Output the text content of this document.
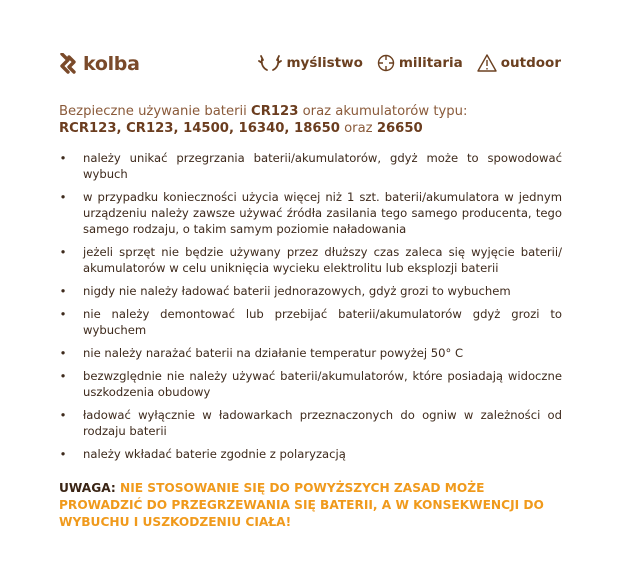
kolba	myślistwo	militaria	outdoor
Bezpieczne używanie baterii CR123 oraz akumulatorów typu:
RCR123, CR123, 14500, 16340, 18650 oraz 26650
• należy unikać przegrzania baterii/akumulatorów, gdyż może to spowodować wybuch
• w przypadku konieczności użycia więcej niż 1 szt. baterii/akumulatora w jednym urządzeniu należy zawsze używać źródła zasilania tego samego producenta, tego samego rodzaju, o takim samym poziomie naładowania
• jeżeli sprzęt nie będzie używany przez dłuższy czas zaleca się wyjęcie baterii/ akumulatorów w celu uniknięcia wycieku elektrolitu lub eksplozji baterii
• nigdy nie należy ładować baterii jednorazowych, gdyż grozi to wybuchem
• nie należy demontować lub przebijać baterii/akumulatorów gdyż grozi to wybuchem
• nie należy narażać baterii na działanie temperatur powyżej 50° C
• bezwzględnie nie należy używać baterii/akumulatorów, które posiadają widoczne uszkodzenia obudowy
• ładować wyłącznie w ładowarkach przeznaczonych do ogniw w zależności od rodzaju baterii
• należy wkładać baterie zgodnie z polaryzacją
UWAGA: NIE STOSOWANIE SIĘ DO POWYŻSZYCH ZASAD MOŻE PROWADZIĆ DO PRZEGRZEWANIA SIĘ BATERII, A W KONSEKWENCJI DO WYBUCHU I USZKODZENIU CIAŁA!
